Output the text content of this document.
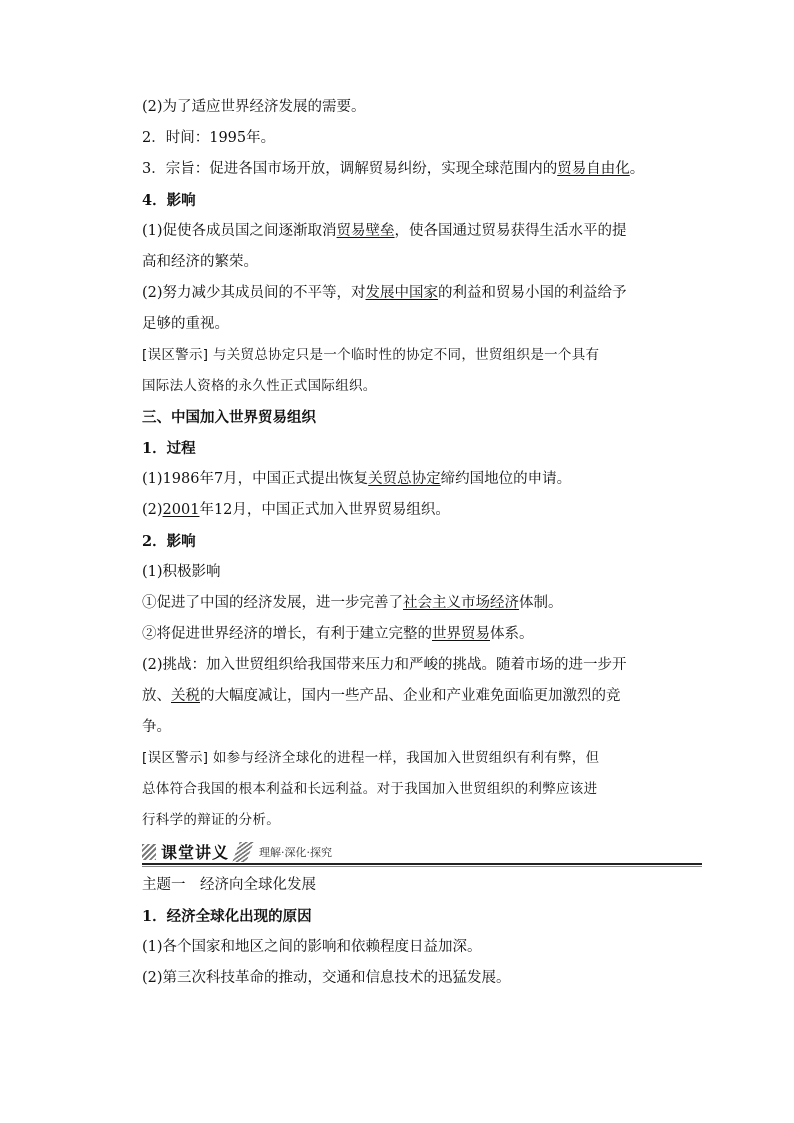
(2)为了适应世界经济发展的需要。
2．时间：1995年。
3．宗旨：促进各国市场开放，调解贸易纠纷，实现全球范围内的贸易自由化。
4．影响
(1)促使各成员国之间逐渐取消贸易壁垒，使各国通过贸易获得生活水平的提
高和经济的繁荣。
(2)努力减少其成员间的不平等，对发展中国家的利益和贸易小国的利益给予
足够的重视。
[误区警示] 与关贸总协定只是一个临时性的协定不同，世贸组织是一个具有
国际法人资格的永久性正式国际组织。
三、中国加入世界贸易组织
1．过程
(1)1986年7月，中国正式提出恢复关贸总协定缔约国地位的申请。
(2)2001年12月，中国正式加入世界贸易组织。
2．影响
(1)积极影响
①促进了中国的经济发展，进一步完善了社会主义市场经济体制。
②将促进世界经济的增长，有利于建立完整的世界贸易体系。
(2)挑战：加入世贸组织给我国带来压力和严峻的挑战。随着市场的进一步开
放、关税的大幅度减让，国内一些产品、企业和产业难免面临更加激烈的竞
争。
[误区警示] 如参与经济全球化的进程一样，我国加入世贸组织有利有弊，但
总体符合我国的根本利益和长远利益。对于我国加入世贸组织的利弊应该进
行科学的辩证的分析。
课堂讲义	理解·深化·探究
主题一　经济向全球化发展
1．经济全球化出现的原因
(1)各个国家和地区之间的影响和依赖程度日益加深。
(2)第三次科技革命的推动，交通和信息技术的迅猛发展。
